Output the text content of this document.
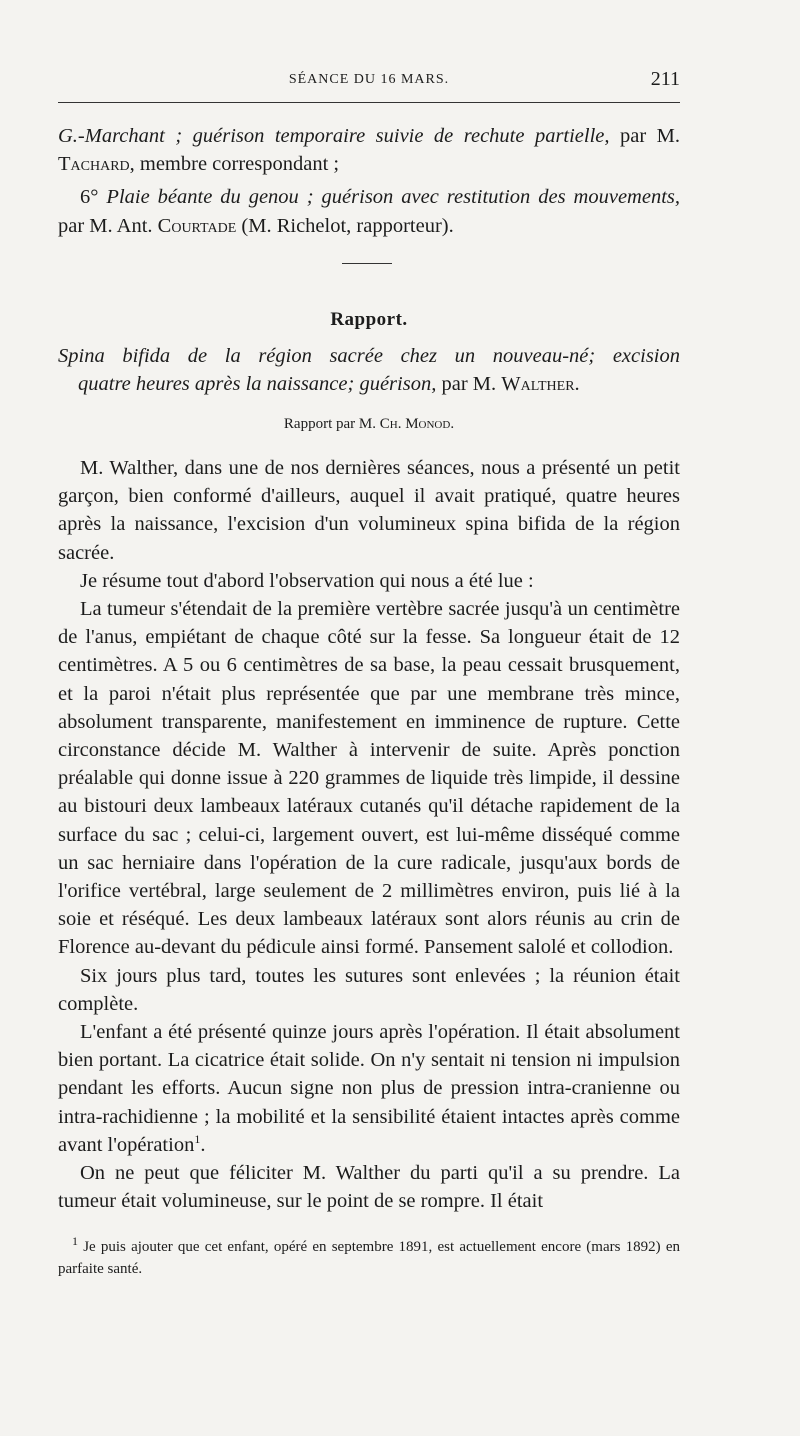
SÉANCE DU 16 MARS.	211

G.-Marchant ; guérison temporaire suivie de rechute partielle, par M. Tachard, membre correspondant ;

6° Plaie béante du genou ; guérison avec restitution des mouvements, par M. Ant. Courtade (M. Richelot, rapporteur).

Rapport.
Spina bifida de la région sacrée chez un nouveau-né; excision
quatre heures après la naissance; guérison, par M. Walther.
Rapport par M. Ch. Monod.

M. Walther, dans une de nos dernières séances, nous a présenté un petit garçon, bien conformé d'ailleurs, auquel il avait pratiqué, quatre heures après la naissance, l'excision d'un volumineux spina bifida de la région sacrée.

Je résume tout d'abord l'observation qui nous a été lue :

La tumeur s'étendait de la première vertèbre sacrée jusqu'à un centimètre de l'anus, empiétant de chaque côté sur la fesse. Sa longueur était de 12 centimètres. A 5 ou 6 centimètres de sa base, la peau cessait brusquement, et la paroi n'était plus représentée que par une membrane très mince, absolument transparente, manifestement en imminence de rupture. Cette circonstance décide M. Walther à intervenir de suite. Après ponction préalable qui donne issue à 220 grammes de liquide très limpide, il dessine au bistouri deux lambeaux latéraux cutanés qu'il détache rapidement de la surface du sac ; celui-ci, largement ouvert, est lui-même disséqué comme un sac herniaire dans l'opération de la cure radicale, jusqu'aux bords de l'orifice vertébral, large seulement de 2 millimètres environ, puis lié à la soie et réséqué. Les deux lambeaux latéraux sont alors réunis au crin de Florence au-devant du pédicule ainsi formé. Pansement salolé et collodion.

Six jours plus tard, toutes les sutures sont enlevées ; la réunion était complète.

L'enfant a été présenté quinze jours après l'opération. Il était absolument bien portant. La cicatrice était solide. On n'y sentait ni tension ni impulsion pendant les efforts. Aucun signe non plus de pression intra-cranienne ou intra-rachidienne ; la mobilité et la sensibilité étaient intactes après comme avant l'opération$^1$.

On ne peut que féliciter M. Walther du parti qu'il a su prendre. La tumeur était volumineuse, sur le point de se rompre. Il était

$^1$ Je puis ajouter que cet enfant, opéré en septembre 1891, est actuellement encore (mars 1892) en parfaite santé.
